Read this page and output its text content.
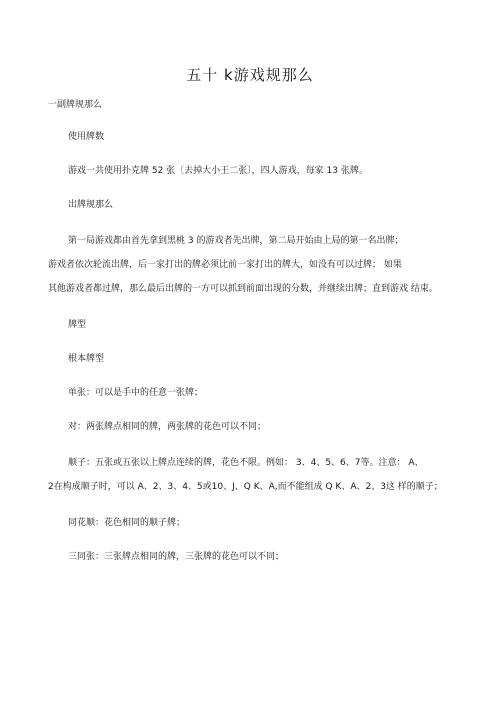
五十 k游戏规那么
一副牌规那么
使用牌数
游戏一共使用扑克牌 52 张〔去掉大小王二张〕，四人游戏，每家 13 张牌。
出牌规那么
第一局游戏都由首先拿到黑桃 3 的游戏者先出牌，第二局开始由上局的第一名出牌；
游戏者依次轮流出牌，后一家打出的牌必须比前一家打出的牌大，如没有可以过牌； 如果
其他游戏者都过牌，那么最后出牌的一方可以抓到前面出现的分数，并继续出牌；直到游戏 结束。
牌型
根本牌型
单张：可以是手中的任意一张牌；
对：两张牌点相同的牌，两张牌的花色可以不同；
顺子：五张或五张以上牌点连续的牌，花色不限。例如： 3、4、5、6、7等。注意： A、
2在构成顺子时，可以 A、2、3、4、5或10、J、Q K、A,而不能组成 Q K、A、2、3这 样的顺子；
同花顺：花色相同的顺子牌；
三同张：三张牌点相同的牌，三张牌的花色可以不同；
